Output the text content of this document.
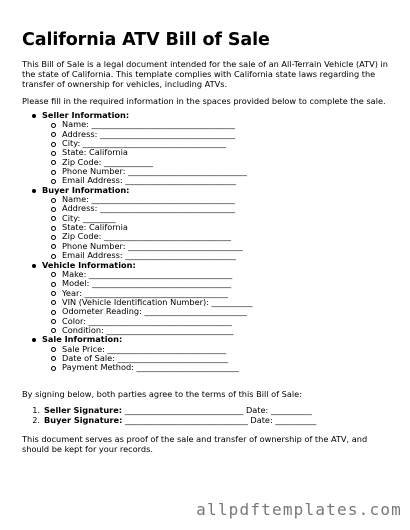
California ATV Bill of Sale

This Bill of Sale is a legal document intended for the sale of an All-Terrain Vehicle (ATV) in the state of California. This template complies with California state laws regarding the transfer of ownership for vehicles, including ATVs.

Please fill in the required information in the spaces provided below to complete the sale.

Seller Information:
Name: ___________________________________
Address: _________________________________
City: ___________________________________
State: California
Zip Code: ____________
Phone Number: _____________________________
Email Address: ___________________________
Buyer Information:
Name: ___________________________________
Address: _________________________________
City: ________
State: California
Zip Code: _______________________________
Phone Number: ____________________________
Email Address: ___________________________
Vehicle Information:
Make: ___________________________________
Model: __________________________________
Year: ___________________________________
VIN (Vehicle Identification Number): __________
Odometer Reading: _________________________
Color: ___________________________________
Condition: _______________________________
Sale Information:
Sale Price: _____________________________
Date of Sale: ___________________________
Payment Method: _________________________

By signing below, both parties agree to the terms of this Bill of Sale:

1. Seller Signature: _____________________________ Date: __________
2. Buyer Signature: ______________________________ Date: __________

This document serves as proof of the sale and transfer of ownership of the ATV, and should be kept for your records.

allpdftemplates.com
